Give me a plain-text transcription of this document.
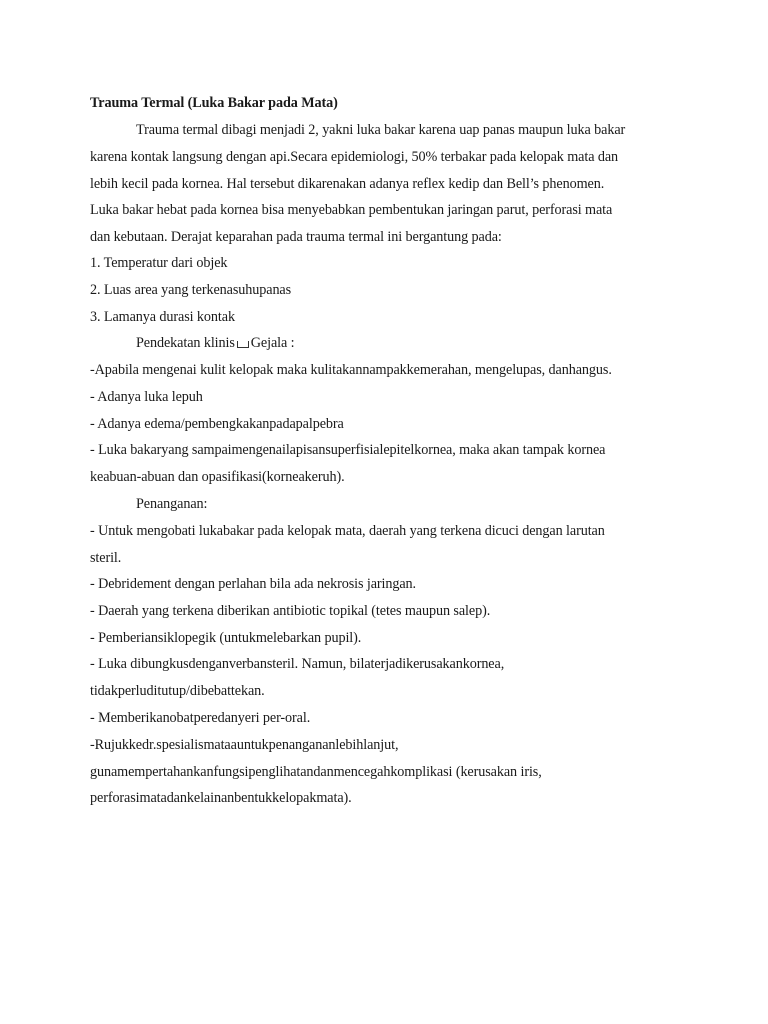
Trauma Termal (Luka Bakar pada Mata)
Trauma termal dibagi menjadi 2, yakni luka bakar karena uap panas maupun luka bakar
karena kontak langsung dengan api.Secara epidemiologi, 50% terbakar pada kelopak mata dan
lebih kecil pada kornea. Hal tersebut dikarenakan adanya reflex kedip dan Bell’s phenomen.
Luka bakar hebat pada kornea bisa menyebabkan pembentukan jaringan parut, perforasi mata
dan kebutaan. Derajat keparahan pada trauma termal ini bergantung pada:
1. Temperatur dari objek
2. Luas area yang terkenasuhupanas
3. Lamanya durasi kontak
Pendekatan klinis Gejala :
-Apabila mengenai kulit kelopak maka kulitakannampakkemerahan, mengelupas, danhangus.
- Adanya luka lepuh
- Adanya edema/pembengkakanpadapalpebra
- Luka bakaryang sampaimengenailapisansuperfisialepitelkornea, maka akan tampak kornea
keabuan-abuan dan opasifikasi(korneakeruh).
Penanganan:
- Untuk mengobati lukabakar pada kelopak mata, daerah yang terkena dicuci dengan larutan
steril.
- Debridement dengan perlahan bila ada nekrosis jaringan.
- Daerah yang terkena diberikan antibiotic topikal (tetes maupun salep).
- Pemberiansiklopegik (untukmelebarkan pupil).
- Luka dibungkusdenganverbansteril. Namun, bilaterjadikerusakankornea,
tidakperluditutup/dibebattekan.
- Memberikanobatperedanyeri per-oral.
-Rujukkedr.spesialismataauntukpenangananlebihlanjut,
gunamempertahankanfungsipenglihatandanmencegahkomplikasi (kerusakan iris,
perforasimatadankelainanbentukkelopakmata).
